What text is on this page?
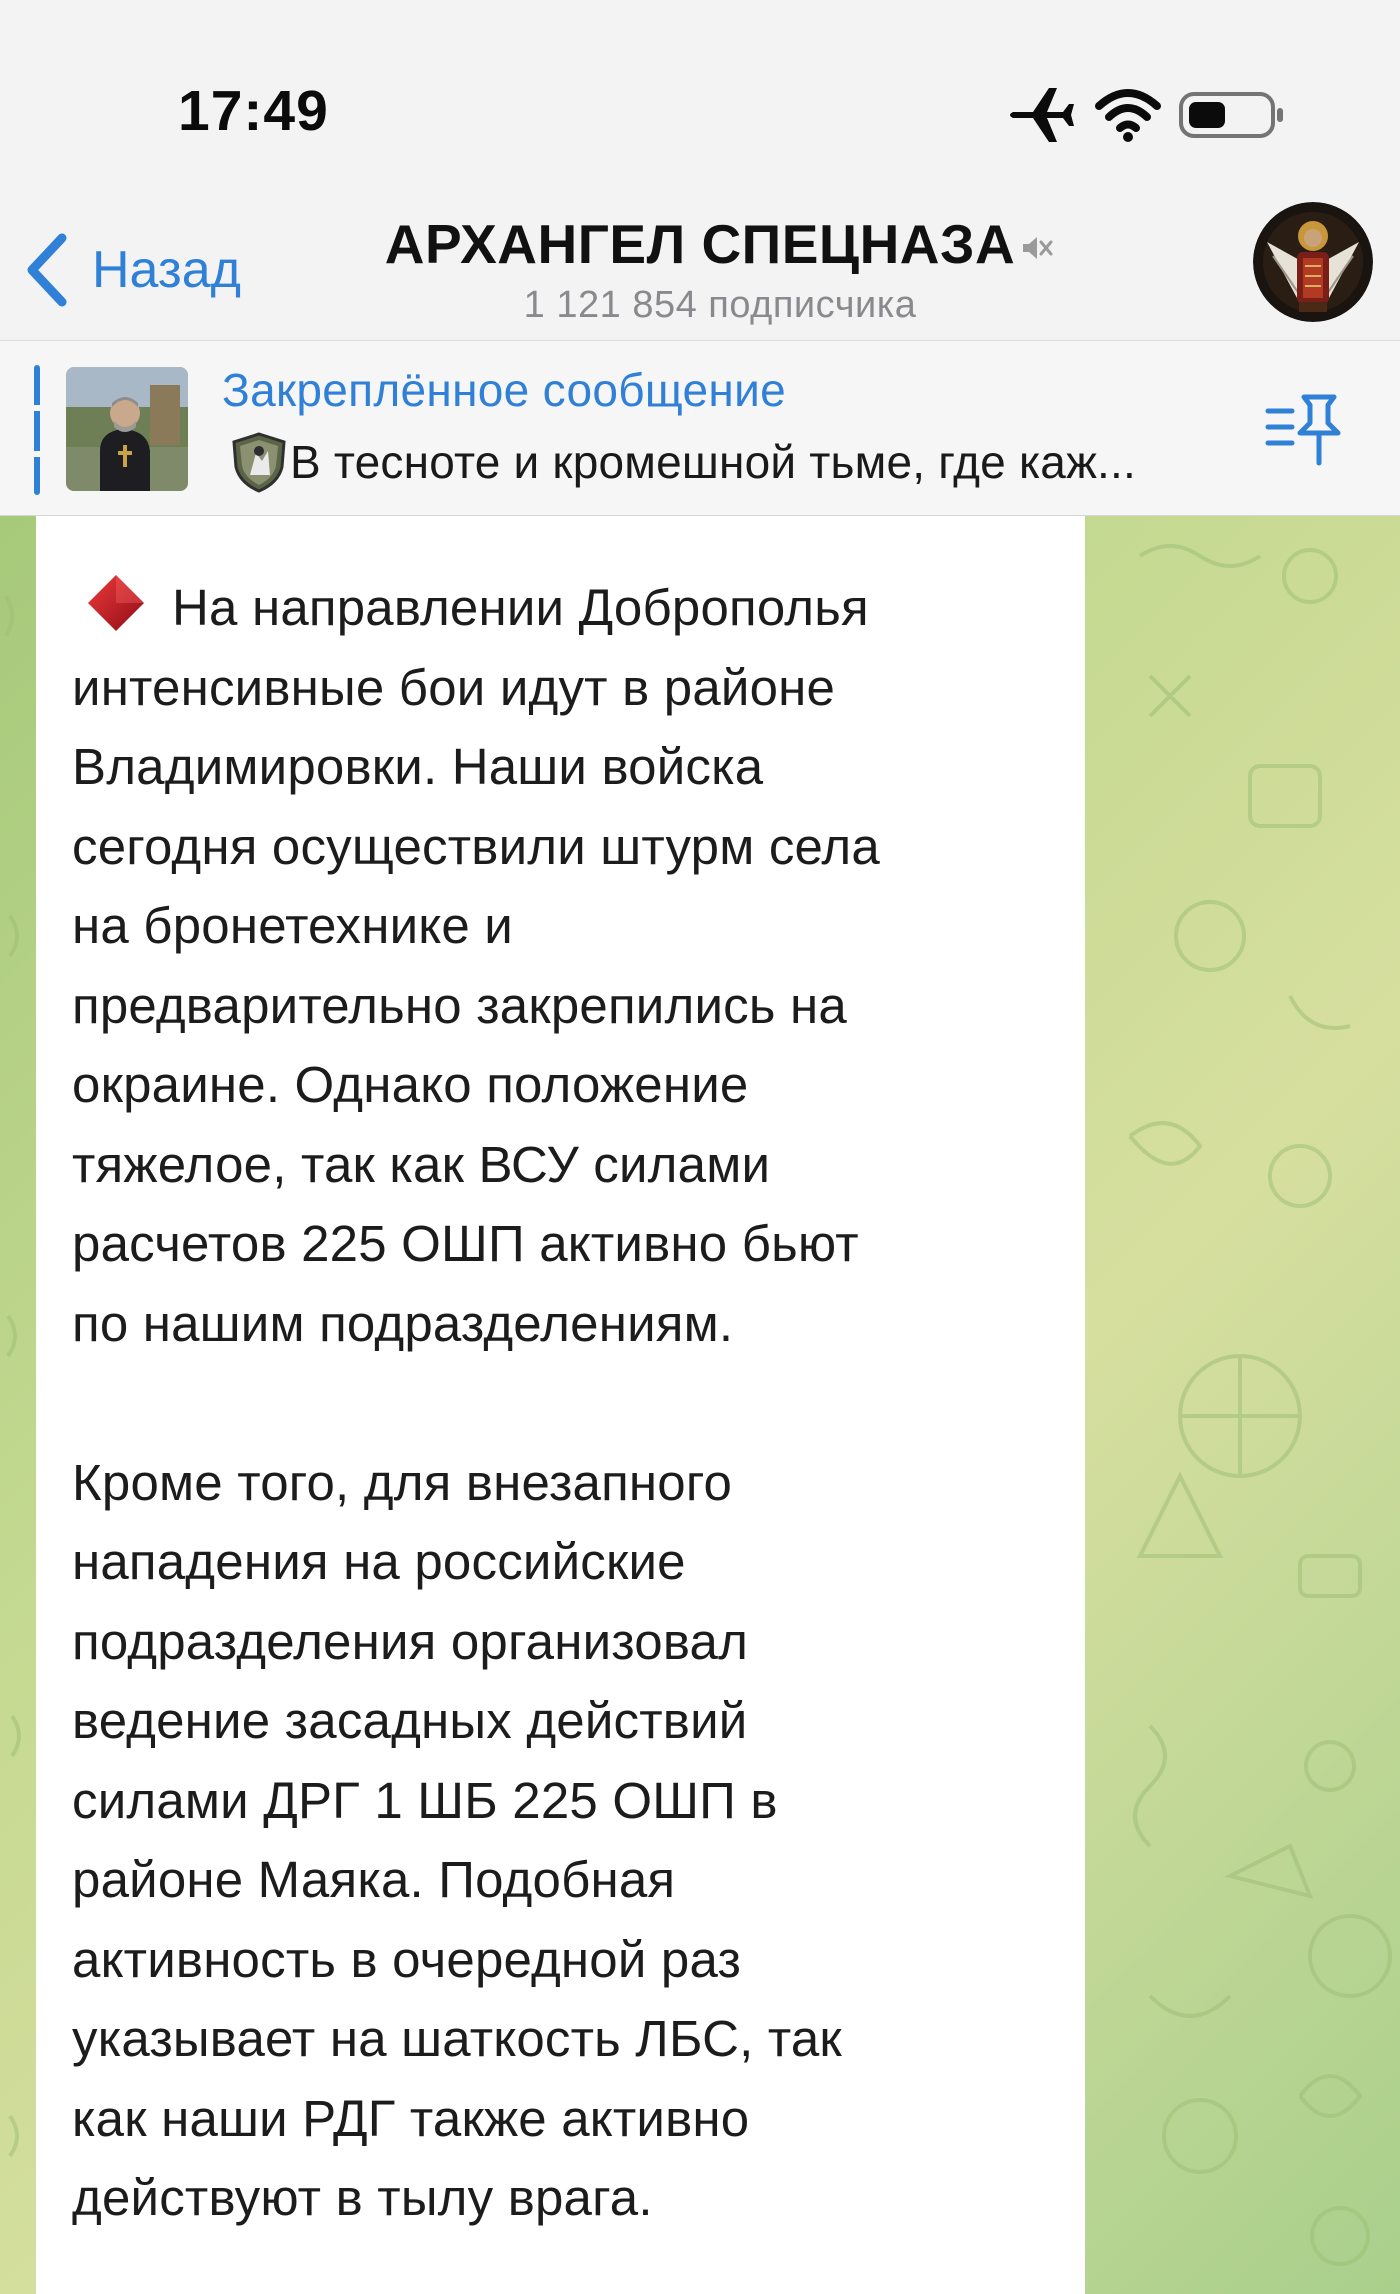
17:49
Назад	АРХАНГЕЛ СПЕЦНАЗА
1 121 854 подписчика
Закреплённое сообщение
В тесноте и кромешной тьме, где каж...

На направлении Доброполья

интенсивные бои идут в районе

Владимировки. Наши войска

сегодня осуществили штурм села

на бронетехнике и

предварительно закрепились на

окраине. Однако положение

тяжелое, так как ВСУ силами

расчетов 225 ОШП активно бьют

по нашим подразделениям.

Кроме того, для внезапного

нападения на российские

подразделения организовал

ведение засадных действий

силами ДРГ 1 ШБ 225 ОШП в

районе Маяка. Подобная

активность в очередной раз

указывает на шаткость ЛБС, так

как наши РДГ также активно

действуют в тылу врага.
